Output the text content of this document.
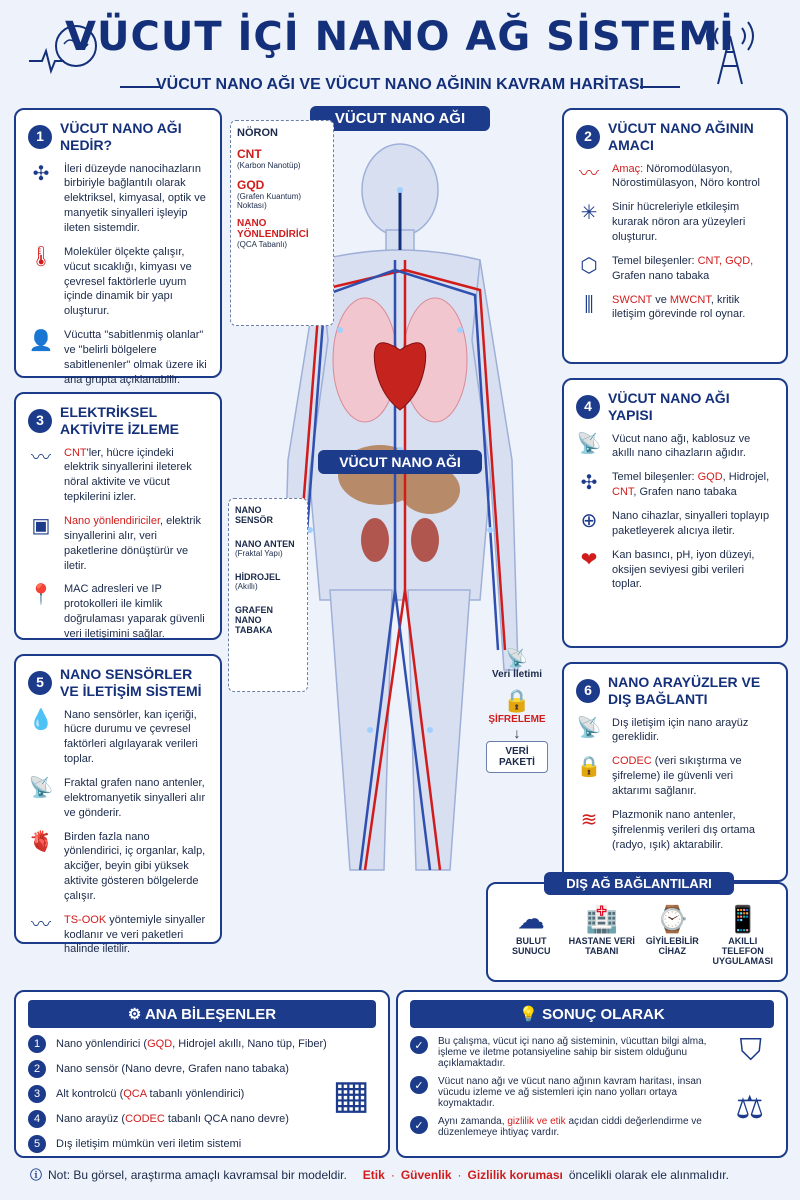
VÜCUT İÇİ NANO AĞ SİSTEMİ
VÜCUT NANO AĞI VE VÜCUT NANO AĞININ KAVRAM HARİTASI
1
VÜCUT NANO AĞI NEDİR?
✣	İleri düzeyde nanocihazların birbiriyle bağlantılı olarak elektriksel, kimyasal, optik ve manyetik sinyalleri işleyip ileten sistemdir.
🌡 Moleküler ölçekte çalışır, vücut sıcaklığı, kimyası ve çevresel faktörlerle uyum içinde dinamik bir yapı oluşturur.
👤 Vücutta "sabitlenmiş olanlar" ve "belirli bölgelere sabitlenenler" olmak üzere iki ana grupta açıklanabilir.
3
ELEKTRİKSEL AKTİVİTE İZLEME
〰 CNT'ler, hücre içindeki elektrik sinyallerini ileterek nöral aktivite ve vücut tepkilerini izler.
▣	Nano yönlendiriciler, elektrik sinyallerini alır, veri paketlerine dönüştürür ve iletir.
📍 MAC adresleri ve IP protokolleri ile kimlik doğrulaması yaparak güvenli veri iletişimini sağlar.
5
NANO SENSÖRLER VE İLETİŞİM SİSTEMİ
💧 Nano sensörler, kan içeriği, hücre durumu ve çevresel faktörleri algılayarak verileri toplar.
📡 Fraktal grafen nano antenler, elektromanyetik sinyalleri alır ve gönderir.
🫀 Birden fazla nano yönlendirici, iç organlar, kalp, akciğer, beyin gibi yüksek aktivite gösteren bölgelerde çalışır.
〰 TS-OOK yöntemiyle sinyaller kodlanır ve veri paketleri halinde iletilir.
2
VÜCUT NANO AĞININ AMACI
〰 Amaç: Nöromodülasyon, Nörostimülasyon, Nöro kontrol
✳	Sinir hücreleriyle etkileşim kurarak nöron ara yüzeyleri oluşturur.
⬡	Temel bileşenler: CNT, GQD, Grafen nano tabaka
⫼	SWCNT ve MWCNT, kritik iletişim görevinde rol oynar.
4
VÜCUT NANO AĞI YAPISI
📡 Vücut nano ağı, kablosuz ve akıllı nano cihazların ağıdır.
✣	Temel bileşenler: GQD, Hidrojel, CNT, Grafen nano tabaka
⊕	Nano cihazlar, sinyalleri toplayıp paketleyerek alıcıya iletir.
❤	Kan basıncı, pH, iyon düzeyi, oksijen seviyesi gibi verileri toplar.
6
NANO ARAYÜZLER VE DIŞ BAĞLANTI
📡 Dış iletişim için nano arayüz gereklidir.
🔒 CODEC (veri sıkıştırma ve şifreleme) ile güvenli veri aktarımı sağlanır.
≋	Plazmonik nano antenler, şifrelenmiş verileri dış ortama (radyo, ışık) aktarabilir.
DIŞ AĞ BAĞLANTILARI
☁
BULUT SUNUCU
🏥
HASTANE VERİ TABANI
⌚
GİYİLEBİLİR CİHAZ
📱
AKILLI TELEFON UYGULAMASI
VÜCUT NANO AĞI
VÜCUT NANO AĞI
NÖRON
CNT
(Karbon Nanotüp)
GQD
(Grafen Kuantum) Noktası)
NANO YÖNLENDİRİCİ
(QCA Tabanlı)
NANO SENSÖR
NANO ANTEN
(Fraktal Yapı)
HİDROJEL
(Akıllı)
GRAFEN NANO TABAKA
📡
Veri İletimi
🔒
ŞİFRELEME
↓
VERİ PAKETİ
⚙ ANA BİLEŞENLER
1	Nano yönlendirici (GQD, Hidrojel akıllı, Nano tüp, Fiber)
2	Nano sensör (Nano devre, Grafen nano tabaka)
3	Alt kontrolcü (QCA tabanlı yönlendirici)
4	Nano arayüz (CODEC tabanlı QCA nano devre)
5	Dış iletişim mümkün veri iletim sistemi
▦
💡 SONUÇ OLARAK
✓	Bu çalışma, vücut içi nano ağ sisteminin, vücuttan bilgi alma, işleme ve iletme potansiyeline sahip bir sistem olduğunu açıklamaktadır.
✓	Vücut nano ağı ve vücut nano ağının kavram haritası, insan vücudu izleme ve ağ sistemleri için nano yolları ortaya koymaktadır.
✓	Aynı zamanda, gizlilik ve etik açıdan ciddi değerlendirme ve düzenlemeye ihtiyaç vardır.
⛉
⚖
ⓘ Not: Bu görsel, araştırma amaçlı kavramsal bir modeldir. Etik · Güvenlik · Gizlilik koruması öncelikli olarak ele alınmalıdır.
